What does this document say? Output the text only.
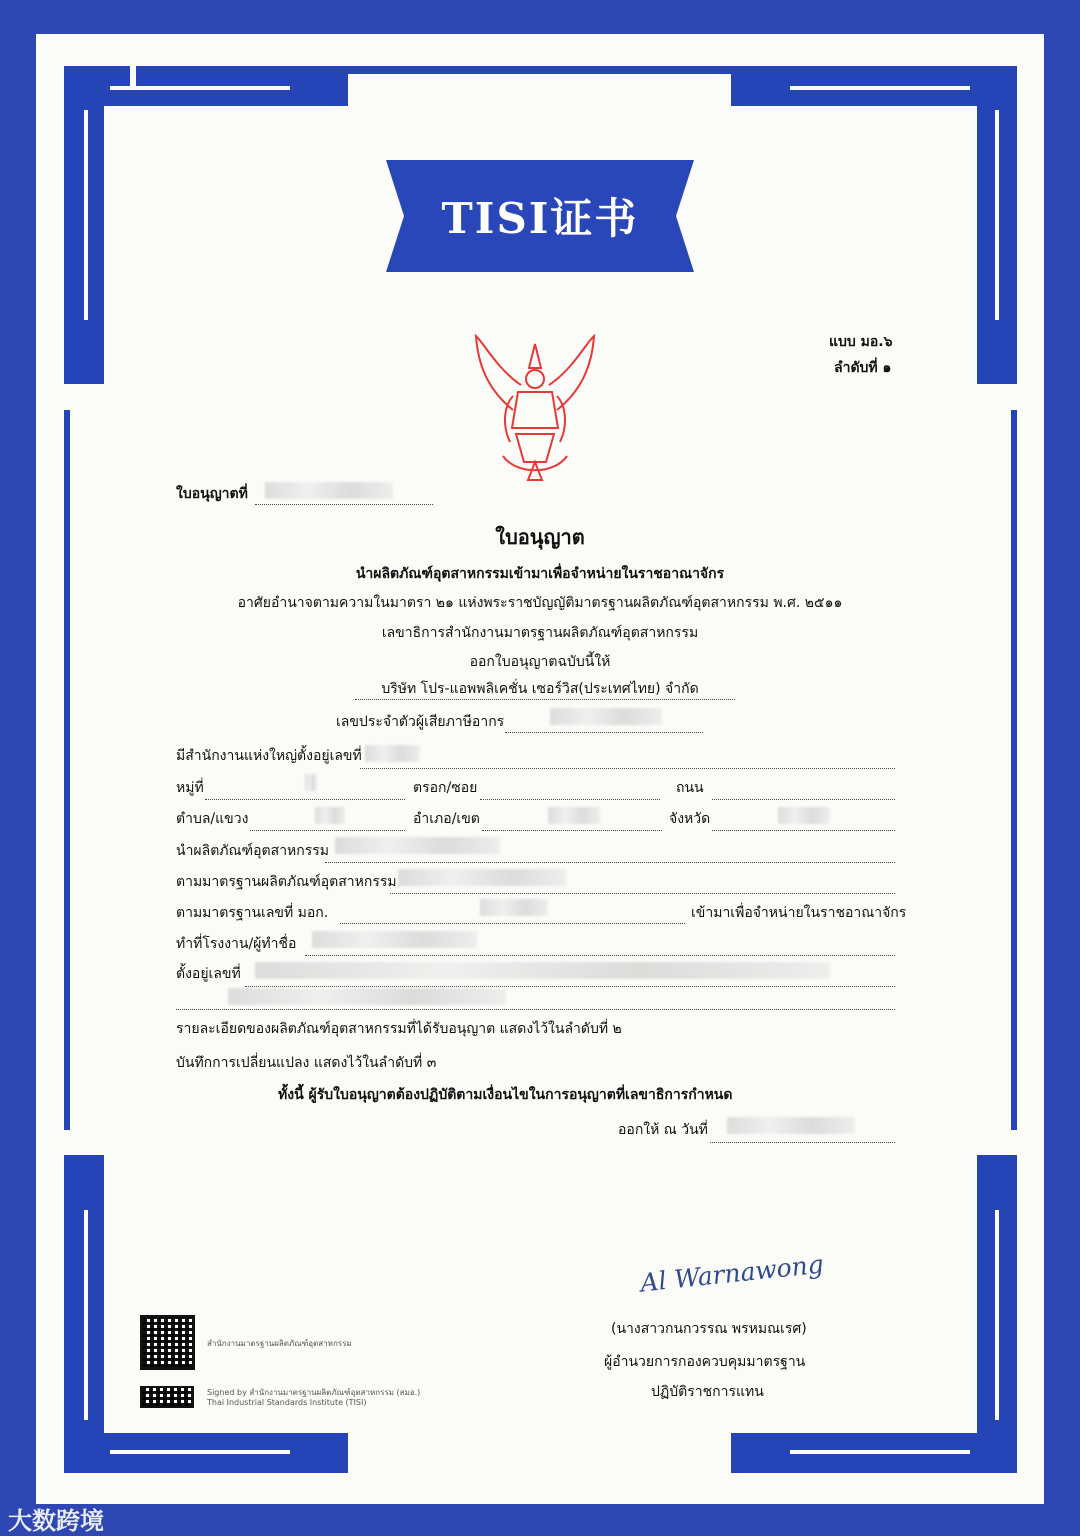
TISI证书
แบบ มอ.๖
ลำดับที่ ๑
ใบอนุญาตที่
ใบอนุญาต
นำผลิตภัณฑ์อุตสาหกรรมเข้ามาเพื่อจำหน่ายในราชอาณาจักร
อาศัยอำนาจตามความในมาตรา ๒๑ แห่งพระราชบัญญัติมาตรฐานผลิตภัณฑ์อุตสาหกรรม พ.ศ. ๒๕๑๑
เลขาธิการสำนักงานมาตรฐานผลิตภัณฑ์อุตสาหกรรม
ออกใบอนุญาตฉบับนี้ให้
บริษัท โปร-แอพพลิเคชั่น เซอร์วิส(ประเทศไทย) จำกัด
เลขประจำตัวผู้เสียภาษีอากร
มีสำนักงานแห่งใหญ่ตั้งอยู่เลขที่
หมู่ที่	ตรอก/ซอย	ถนน
ตำบล/แขวง	อำเภอ/เขต	จังหวัด
นำผลิตภัณฑ์อุตสาหกรรม
ตามมาตรฐานผลิตภัณฑ์อุตสาหกรรม
ตามมาตรฐานเลขที่ มอก.	เข้ามาเพื่อจำหน่ายในราชอาณาจักร
ทำที่โรงงาน/ผู้ทำชื่อ
ตั้งอยู่เลขที่
รายละเอียดของผลิตภัณฑ์อุตสาหกรรมที่ได้รับอนุญาต แสดงไว้ในลำดับที่ ๒
บันทึกการเปลี่ยนแปลง แสดงไว้ในลำดับที่ ๓
ทั้งนี้ ผู้รับใบอนุญาตต้องปฏิบัติตามเงื่อนไขในการอนุญาตที่เลขาธิการกำหนด
ออกให้ ณ วันที่
Al Warnawong
(นางสาวกนกวรรณ พรหมณเรศ)
ผู้อำนวยการกองควบคุมมาตรฐาน
ปฏิบัติราชการแทน
สำนักงานมาตรฐานผลิตภัณฑ์อุตสาหกรรม
Signed by สำนักงานมาตรฐานผลิตภัณฑ์อุตสาหกรรม (สมอ.)
Thai Industrial Standards Institute (TISI)
大数跨境
